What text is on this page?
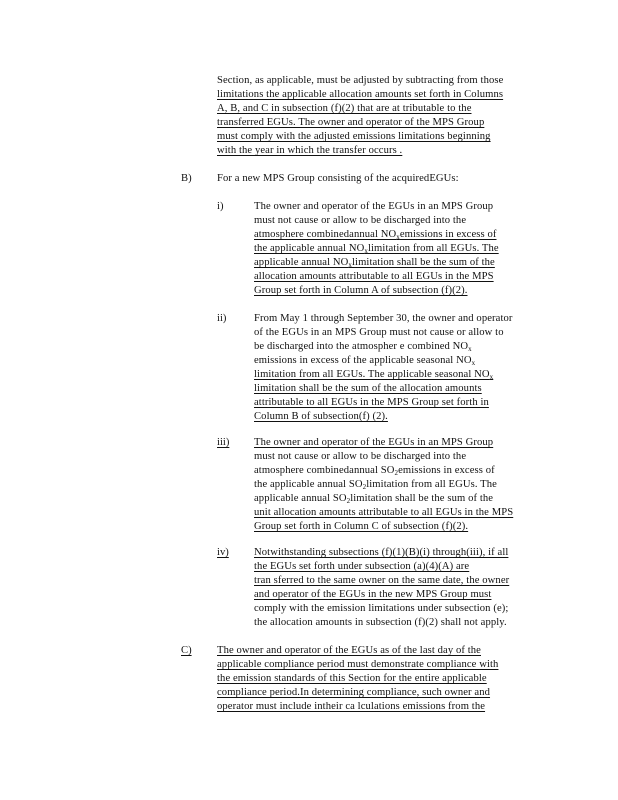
Section, as applicable, must be adjusted by subtracting from those
limitations the applicable allocation amounts set forth in Columns
A, B, and C in subsection (f)(2) that are at tributable to the
transferred EGUs. The owner and operator of the MPS Group
must comply with the adjusted emissions limitations beginning
with the year in which the transfer occurs .
B) For a new MPS Group consisting of the acquiredEGUs:
i)	The owner and operator of the EGUs in an MPS Group
must not cause or allow to be discharged into the
atmosphere combinedannual $NO_xemissions$ in excess of
the applicable annual $NO_xlimitation$ from all EGUs. The
applicable annual $NO_xlimitation$ shall be the sum of the
allocation amounts attributable to all EGUs in the MPS
Group set forth in Column A of subsection (f)(2).
ii)	From May 1 through September 30, the owner and operator
of the EGUs in an MPS Group must not cause or allow to
be discharged into the atmospher e combined $NO_x$
emissions in excess of the applicable seasonal $NO_x$
limitation from all EGUs. The applicable seasonal $NO_x$
limitation shall be the sum of the allocation amounts
attributable to all EGUs in the MPS Group set forth in
Column B of subsection(f) (2).
iii) The owner and operator of the EGUs in an MPS Group
must not cause or allow to be discharged into the
atmosphere combinedannual $SO_2emissions$ in excess of
the applicable annual $SO_2limitation$ from all EGUs. The
applicable annual $SO_2limitation$ shall be the sum of the
unit allocation amounts attributable to all EGUs in the MPS
Group set forth in Column C of subsection (f)(2).
iv) Notwithstanding subsections (f)(1)(B)(i) through(iii), if all
the EGUs set forth under subsection (a)(4)(A) are
tran sferred to the same owner on the same date, the owner
and operator of the EGUs in the new MPS Group must
comply with the emission limitations under subsection (e);
the allocation amounts in subsection (f)(2) shall not apply.
C) The owner and operator of the EGUs as of the last day of the
applicable compliance period must demonstrate compliance with
the emission standards of this Section for the entire applicable
compliance period.In determining compliance, such owner and
operator must include intheir ca lculations emissions from the
